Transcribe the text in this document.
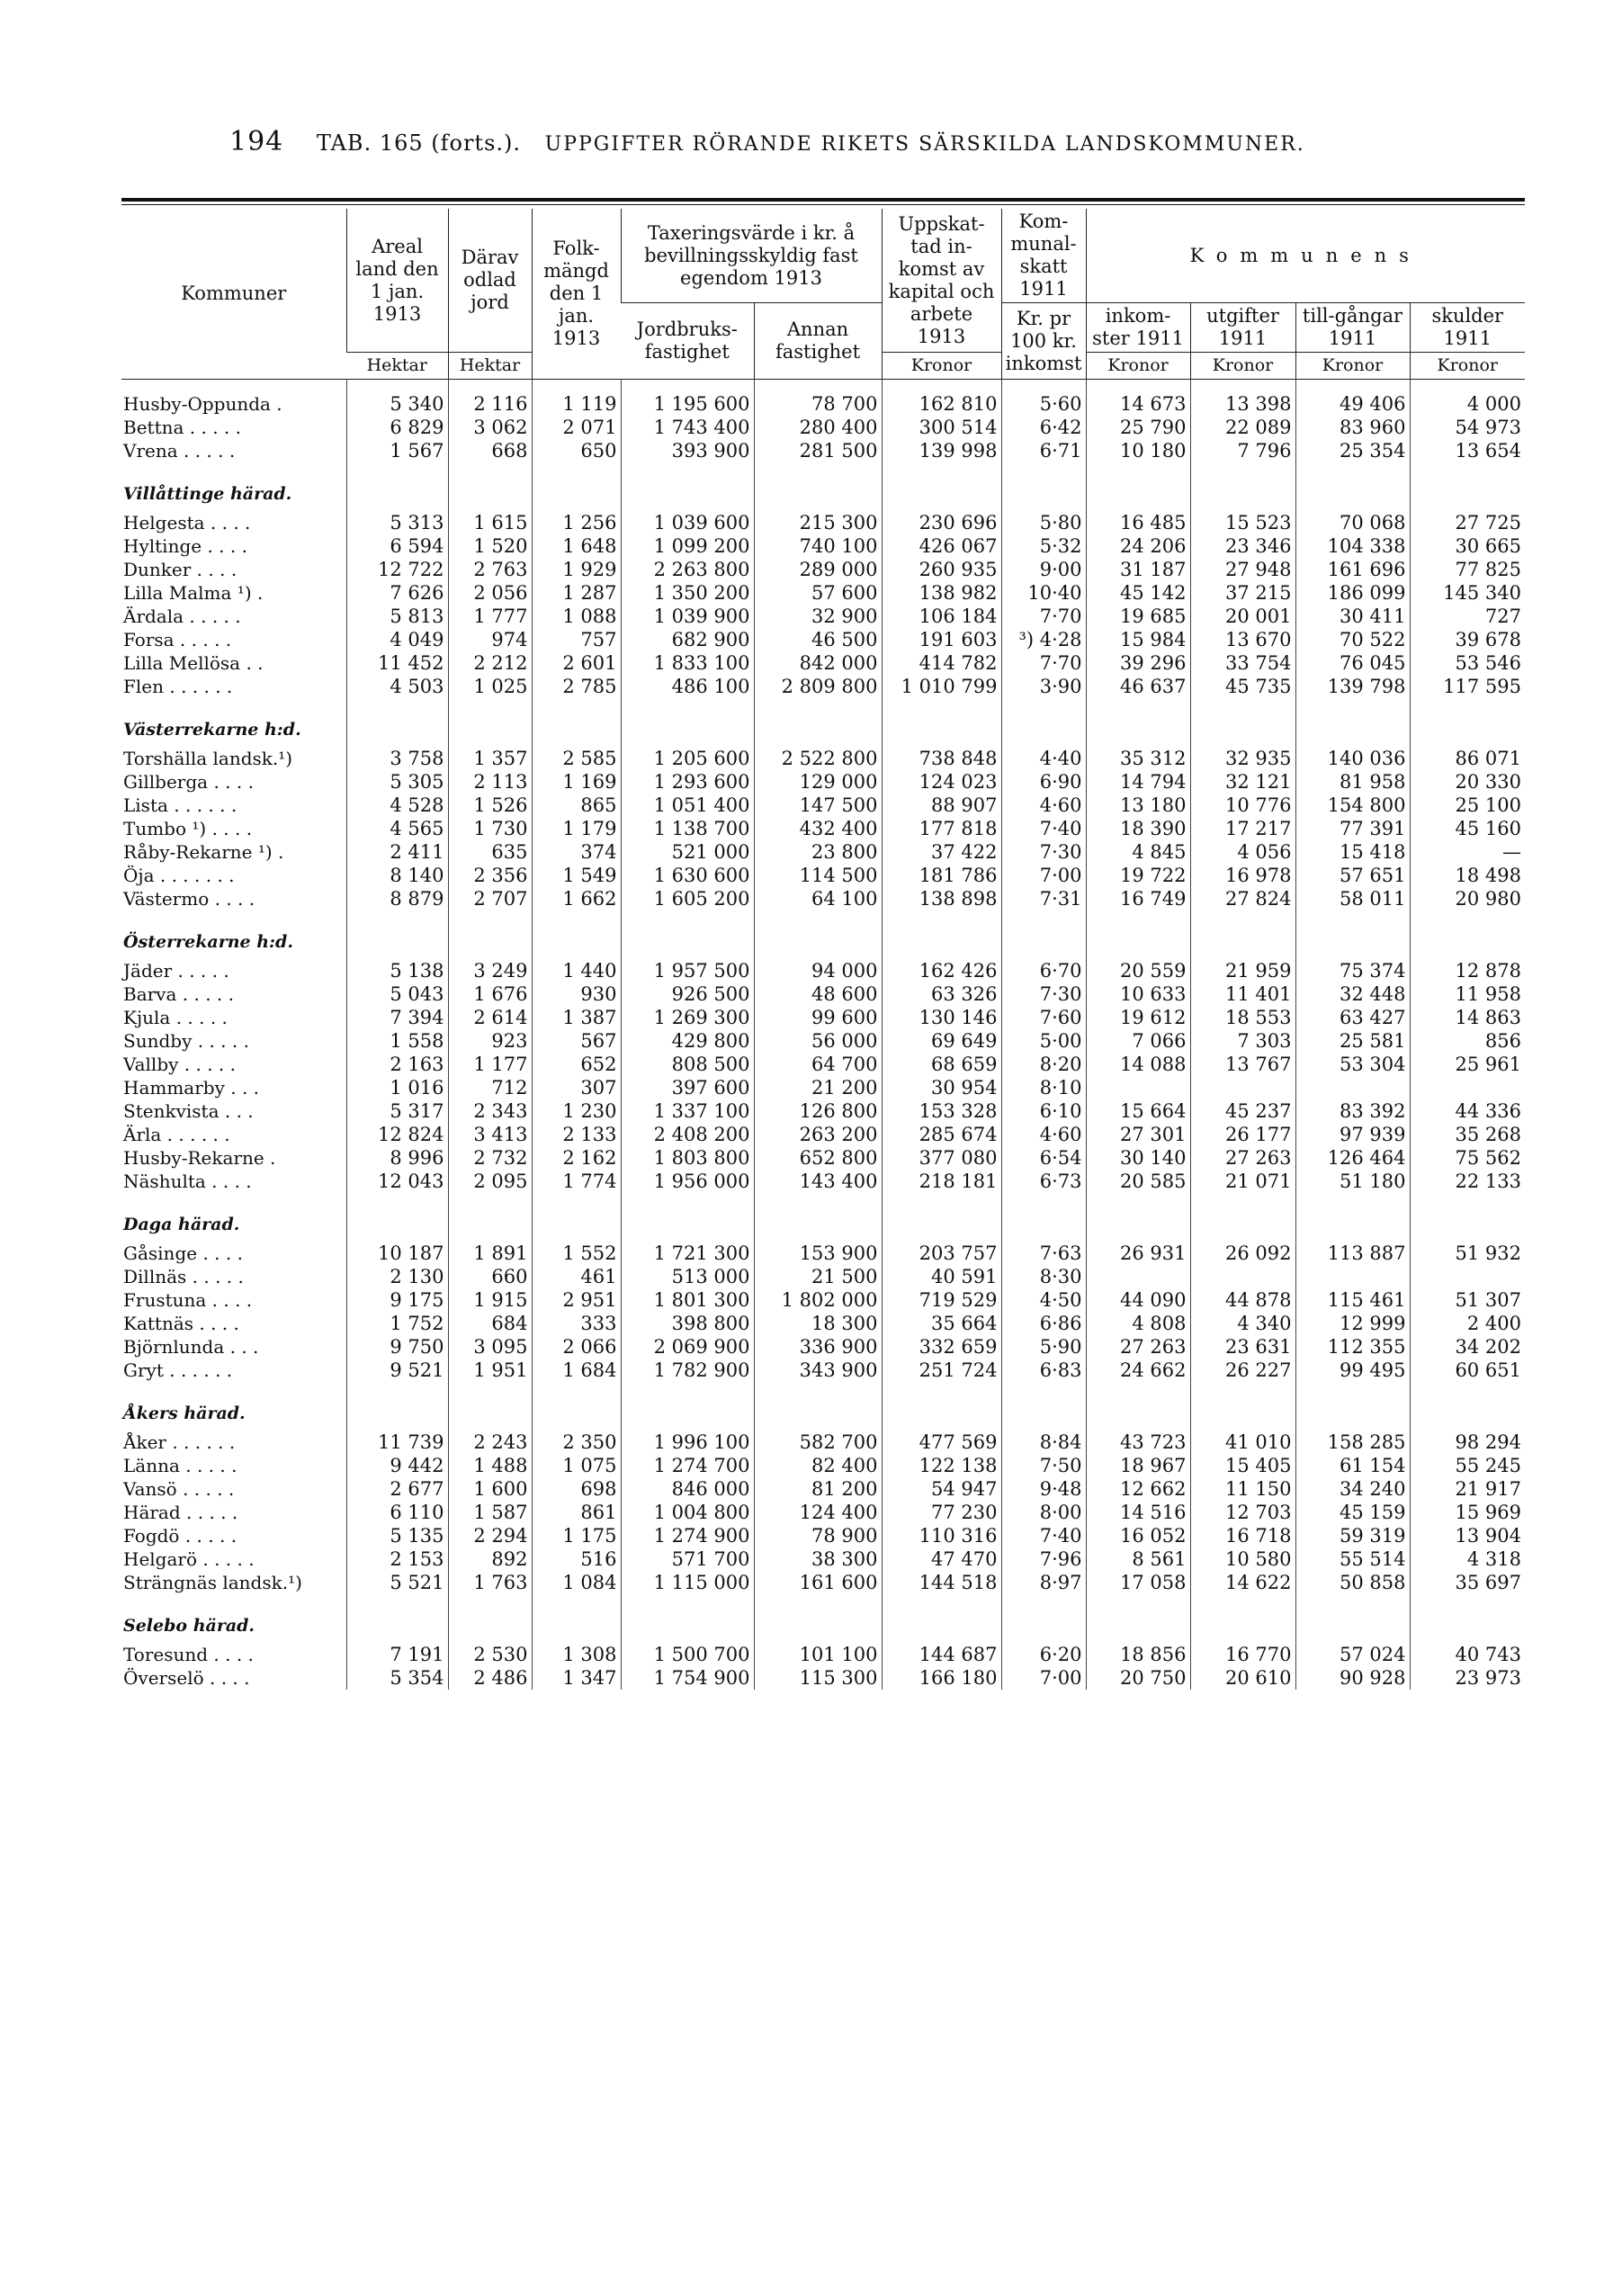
194 TAB. 165 (forts.). UPPGIFTER RÖRANDE RIKETS SÄRSKILDA LANDSKOMMUNER.
Kommuner	Areal land den 1 jan. 1913	Därav odlad jord	Folk-mängd den 1 jan. 1913	Taxeringsvärde i kr. å bevillningsskyldig fast egendom 1913		Uppskat-tad in-komst av kapital och arbete 1913	Kom-munal-skatt 1911	Kommunens			
				Jordbruks-fastighet	Annan fastighet		Kr. pr 100 kr. inkomst	inkom-ster 1911	utgifter 1911	till-gångar 1911	skulder 1911
	Hektar	Hektar				Kronor		Kronor	Kronor	Kronor	Kronor

Husby-Oppunda .	5 340	2 116	1 119	1 195 600	78 700	162 810	5·60	14 673	13 398	49 406	4 000
Bettna . . . . .	6 829	3 062	2 071	1 743 400	280 400	300 514	6·42	25 790	22 089	83 960	54 973
Vrena . . . . .	1 567	668	650	393 900	281 500	139 998	6·71	10 180	7 796	25 354	13 654
Villåttinge härad.											
Helgesta . . . .	5 313	1 615	1 256	1 039 600	215 300	230 696	5·80	16 485	15 523	70 068	27 725
Hyltinge . . . .	6 594	1 520	1 648	1 099 200	740 100	426 067	5·32	24 206	23 346	104 338	30 665
Dunker . . . .	12 722	2 763	1 929	2 263 800	289 000	260 935	9·00	31 187	27 948	161 696	77 825
Lilla Malma ¹) .	7 626	2 056	1 287	1 350 200	57 600	138 982	10·40	45 142	37 215	186 099	145 340
Ärdala . . . . .	5 813	1 777	1 088	1 039 900	32 900	106 184	7·70	19 685	20 001	30 411	727
Forsa . . . . .	4 049	974	757	682 900	46 500	191 603	³) 4·28	15 984	13 670	70 522	39 678
Lilla Mellösa . .	11 452	2 212	2 601	1 833 100	842 000	414 782	7·70	39 296	33 754	76 045	53 546
Flen . . . . . .	4 503	1 025	2 785	486 100	2 809 800	1 010 799	3·90	46 637	45 735	139 798	117 595
Västerrekarne h:d.											
Torshälla landsk.¹)	3 758	1 357	2 585	1 205 600	2 522 800	738 848	4·40	35 312	32 935	140 036	86 071
Gillberga . . . .	5 305	2 113	1 169	1 293 600	129 000	124 023	6·90	14 794	32 121	81 958	20 330
Lista . . . . . .	4 528	1 526	865	1 051 400	147 500	88 907	4·60	13 180	10 776	154 800	25 100
Tumbo ¹) . . . .	4 565	1 730	1 179	1 138 700	432 400	177 818	7·40	18 390	17 217	77 391	45 160
Råby-Rekarne ¹) .	2 411	635	374	521 000	23 800	37 422	7·30	4 845	4 056	15 418	—
Öja . . . . . . .	8 140	2 356	1 549	1 630 600	114 500	181 786	7·00	19 722	16 978	57 651	18 498
Västermo . . . .	8 879	2 707	1 662	1 605 200	64 100	138 898	7·31	16 749	27 824	58 011	20 980
Österrekarne h:d.											
Jäder . . . . .	5 138	3 249	1 440	1 957 500	94 000	162 426	6·70	20 559	21 959	75 374	12 878
Barva . . . . .	5 043	1 676	930	926 500	48 600	63 326	7·30	10 633	11 401	32 448	11 958
Kjula . . . . .	7 394	2 614	1 387	1 269 300	99 600	130 146	7·60	19 612	18 553	63 427	14 863
Sundby . . . . .	1 558	923	567	429 800	56 000	69 649	5·00	7 066	7 303	25 581	856
Vallby . . . . .	2 163	1 177	652	808 500	64 700	68 659	8·20	14 088	13 767	53 304	25 961
Hammarby . . .	1 016	712	307	397 600	21 200	30 954	8·10				
Stenkvista . . .	5 317	2 343	1 230	1 337 100	126 800	153 328	6·10	15 664	45 237	83 392	44 336
Ärla . . . . . .	12 824	3 413	2 133	2 408 200	263 200	285 674	4·60	27 301	26 177	97 939	35 268
Husby-Rekarne .	8 996	2 732	2 162	1 803 800	652 800	377 080	6·54	30 140	27 263	126 464	75 562
Näshulta . . . .	12 043	2 095	1 774	1 956 000	143 400	218 181	6·73	20 585	21 071	51 180	22 133
Daga härad.											
Gåsinge . . . .	10 187	1 891	1 552	1 721 300	153 900	203 757	7·63	26 931	26 092	113 887	51 932
Dillnäs . . . . .	2 130	660	461	513 000	21 500	40 591	8·30				
Frustuna . . . .	9 175	1 915	2 951	1 801 300	1 802 000	719 529	4·50	44 090	44 878	115 461	51 307
Kattnäs . . . .	1 752	684	333	398 800	18 300	35 664	6·86	4 808	4 340	12 999	2 400
Björnlunda . . .	9 750	3 095	2 066	2 069 900	336 900	332 659	5·90	27 263	23 631	112 355	34 202
Gryt . . . . . .	9 521	1 951	1 684	1 782 900	343 900	251 724	6·83	24 662	26 227	99 495	60 651
Åkers härad.											
Åker . . . . . .	11 739	2 243	2 350	1 996 100	582 700	477 569	8·84	43 723	41 010	158 285	98 294
Länna . . . . .	9 442	1 488	1 075	1 274 700	82 400	122 138	7·50	18 967	15 405	61 154	55 245
Vansö . . . . .	2 677	1 600	698	846 000	81 200	54 947	9·48	12 662	11 150	34 240	21 917
Härad . . . . .	6 110	1 587	861	1 004 800	124 400	77 230	8·00	14 516	12 703	45 159	15 969
Fogdö . . . . .	5 135	2 294	1 175	1 274 900	78 900	110 316	7·40	16 052	16 718	59 319	13 904
Helgarö . . . . .	2 153	892	516	571 700	38 300	47 470	7·96	8 561	10 580	55 514	4 318
Strängnäs landsk.¹)	5 521	1 763	1 084	1 115 000	161 600	144 518	8·97	17 058	14 622	50 858	35 697
Selebo härad.											
Toresund . . . .	7 191	2 530	1 308	1 500 700	101 100	144 687	6·20	18 856	16 770	57 024	40 743
Överselö . . . .	5 354	2 486	1 347	1 754 900	115 300	166 180	7·00	20 750	20 610	90 928	23 973
